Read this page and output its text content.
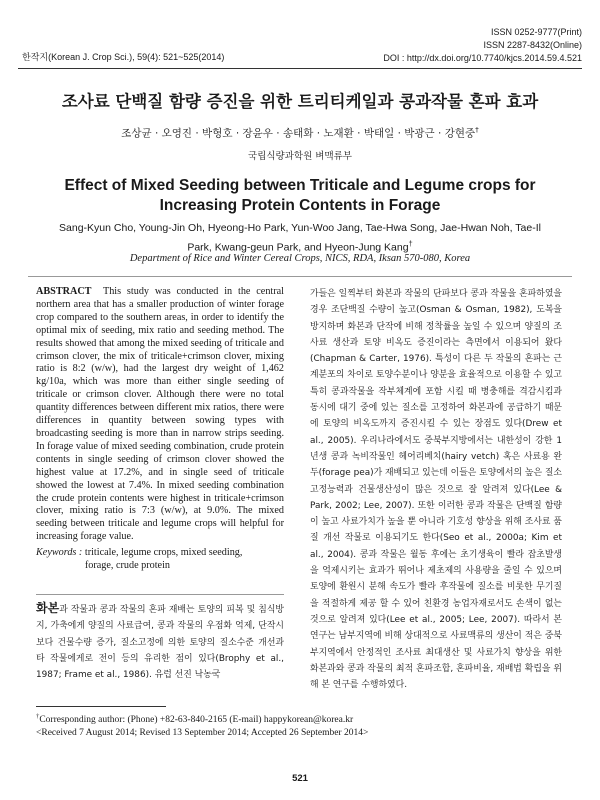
ISSN 0252-9777(Print)
ISSN 2287-8432(Online)
DOI : http://dx.doi.org/10.7740/kjcs.2014.59.4.521
한작지(Korean J. Crop Sci.), 59(4): 521~525(2014)
조사료 단백질 함량 증진을 위한 트리티케일과 콩과작물 혼파 효과
조상균 · 오영진 · 박형호 · 장윤우 · 송태화 · 노재환 · 박태일 · 박광근 · 강현중†
국립식량과학원 벼맥류부
Effect of Mixed Seeding between Triticale and Legume crops for Increasing Protein Contents in Forage
Sang-Kyun Cho, Young-Jin Oh, Hyeong-Ho Park, Yun-Woo Jang, Tae-Hwa Song, Jae-Hwan Noh, Tae-Il Park, Kwang-geun Park, and Hyeon-Jung Kang†
Department of Rice and Winter Cereal Crops, NICS, RDA, Iksan 570-080, Korea
ABSTRACT This study was conducted in the central northern area that has a smaller production of winter forage crop compared to the southern areas, in order to identify the optimal mix of seeding, mix ratio and seeding method. The results showed that among the mixed seeding of triticale and crimson clover, the mix of triticale+crimson clover, mixing ratio is 8:2 (w/w), had the largest dry weight of 1,462 kg/10a, which was more than either single seeding of triticale or crimson clover. Although there were no total quantity differences between different mix ratios, there were differences in quantity between sowing types with broadcasting seeding is more than in narrow strips seeding. In forage value of mixed seeding combination, crude protein contents in single seeding of crimson clover showed the highest value at 17.2%, and in single seed of triticale showed the lowest at 7.4%. In mixed seeding combination the crude protein contents were highest in triticale+crimson clover, mixing ratio is 7:3 (w/w), at 9.0%. The mixed seeding between triticale and legume crops will helpful for increasing forage value.
Keywords : triticale, legume crops, mixed seeding, forage, crude protein
화본과 작물과 콩과 작물의 혼파 재배는 토양의 피복 및 침식방지, 가축에게 양질의 사료급여, 콩과 작물의 우점화 억제, 단작시보다 건물수량 증가, 질소고정에 의한 토양의 질소수준 개선과 타 작물에게로 전이 등의 유리한 점이 있다(Brophy et al., 1987; Frame et al., 1986). 유럽 선진 낙농국
가들은 일찍부터 화본과 작물의 단파보다 콩과 작물을 혼파하였을 경우 조단백질 수량이 높고(Osman & Osman, 1982), 도복을 방지하며 화본과 단작에 비해 정착률을 높일 수 있으며 양질의 조사료 생산과 토양 비옥도 증진이라는 측면에서 이용되어 왔다(Chapman & Carter, 1976). 특성이 다른 두 작물의 혼파는 근계분포의 차이로 토양수분이나 양분을 효율적으로 이용할 수 있고 특히 콩과작물을 작부체계에 포함 시킬 때 병충해를 격감시킴과 동시에 대기 중에 있는 질소를 고정하여 화본과에 공급하기 때문에 토양의 비옥도까지 증진시킬 수 있는 장점도 있다(Drew et al., 2005). 우리나라에서도 중북부지방에서는 내한성이 강한 1년생 콩과 녹비작물인 헤어리베치(hairy vetch) 혹은 사료용 완두(forage pea)가 재배되고 있는데 이들은 토양에서의 높은 질소 고정능력과 건물생산성이 많은 것으로 잘 알려져 있다(Lee & Park, 2002; Lee, 2007). 또한 이러한 콩과 작물은 단백질 함량이 높고 사료가치가 높을 뿐 아니라 기호성 향상을 위해 조사료 품질 개선 작물로 이용되기도 한다(Seo et al., 2000a; Kim et al., 2004). 콩과 작물은 월동 후에는 초기생육이 빨라 잡초발생을 억제시키는 효과가 뛰어나 제초제의 사용량을 줄일 수 있으며 토양에 환원시 분해 속도가 빨라 후작물에 질소를 비롯한 무기질을 적절하게 제공 할 수 있어 친환경 농업자재로서도 손색이 없는 것으로 알려져 있다(Lee et al., 2005; Lee, 2007). 따라서 본 연구는 남부지역에 비해 상대적으로 사료맥류의 생산이 적은 중북부지역에서 안정적인 조사료 최대생산 및 사료가치 향상을 위한 화본과와 콩과 작물의 최적 혼파조합, 혼파비율, 재배법 확립을 위해 본 연구를 수행하였다.
†Corresponding author: (Phone) +82-63-840-2165 (E-mail) happykorean@korea.kr
<Received 7 August 2014; Revised 13 September 2014; Accepted 26 September 2014>
521
